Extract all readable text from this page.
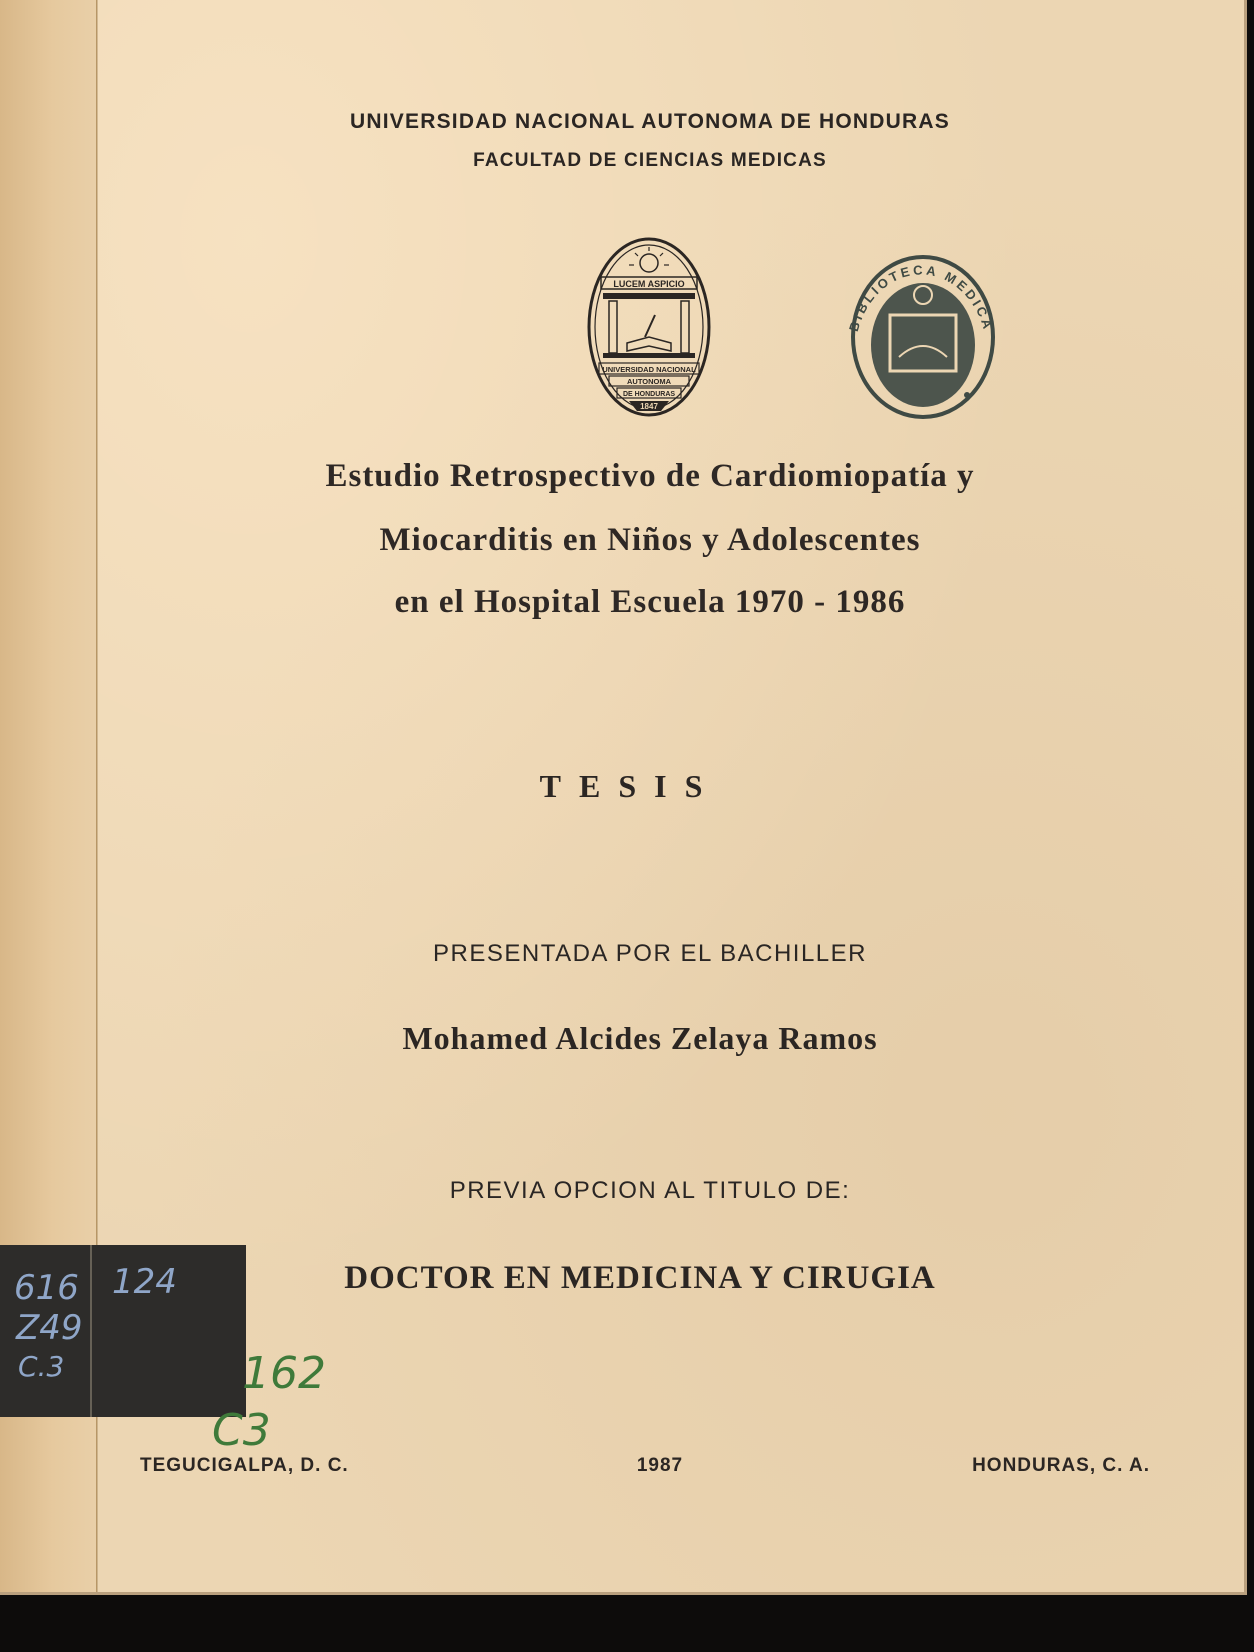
UNIVERSIDAD NACIONAL AUTONOMA DE HONDURAS

FACULTAD DE CIENCIAS MEDICAS

LUCEM ASPICIO
UNIVERSIDAD NACIONAL
AUTONOMA
DE HONDURAS
1847
BIBLIOTECA MEDICA

Estudio Retrospectivo de Cardiomiopatía y

Miocarditis en Niños y Adolescentes

en el Hospital Escuela 1970 - 1986

TESIS

PRESENTADA POR EL BACHILLER

Mohamed Alcides Zelaya Ramos

PREVIA OPCION AL TITULO DE:

DOCTOR EN MEDICINA Y CIRUGIA

TEGUCIGALPA, D. C.	1987	HONDURAS, C. A.

616

Z49

C.3

124

162

C3
